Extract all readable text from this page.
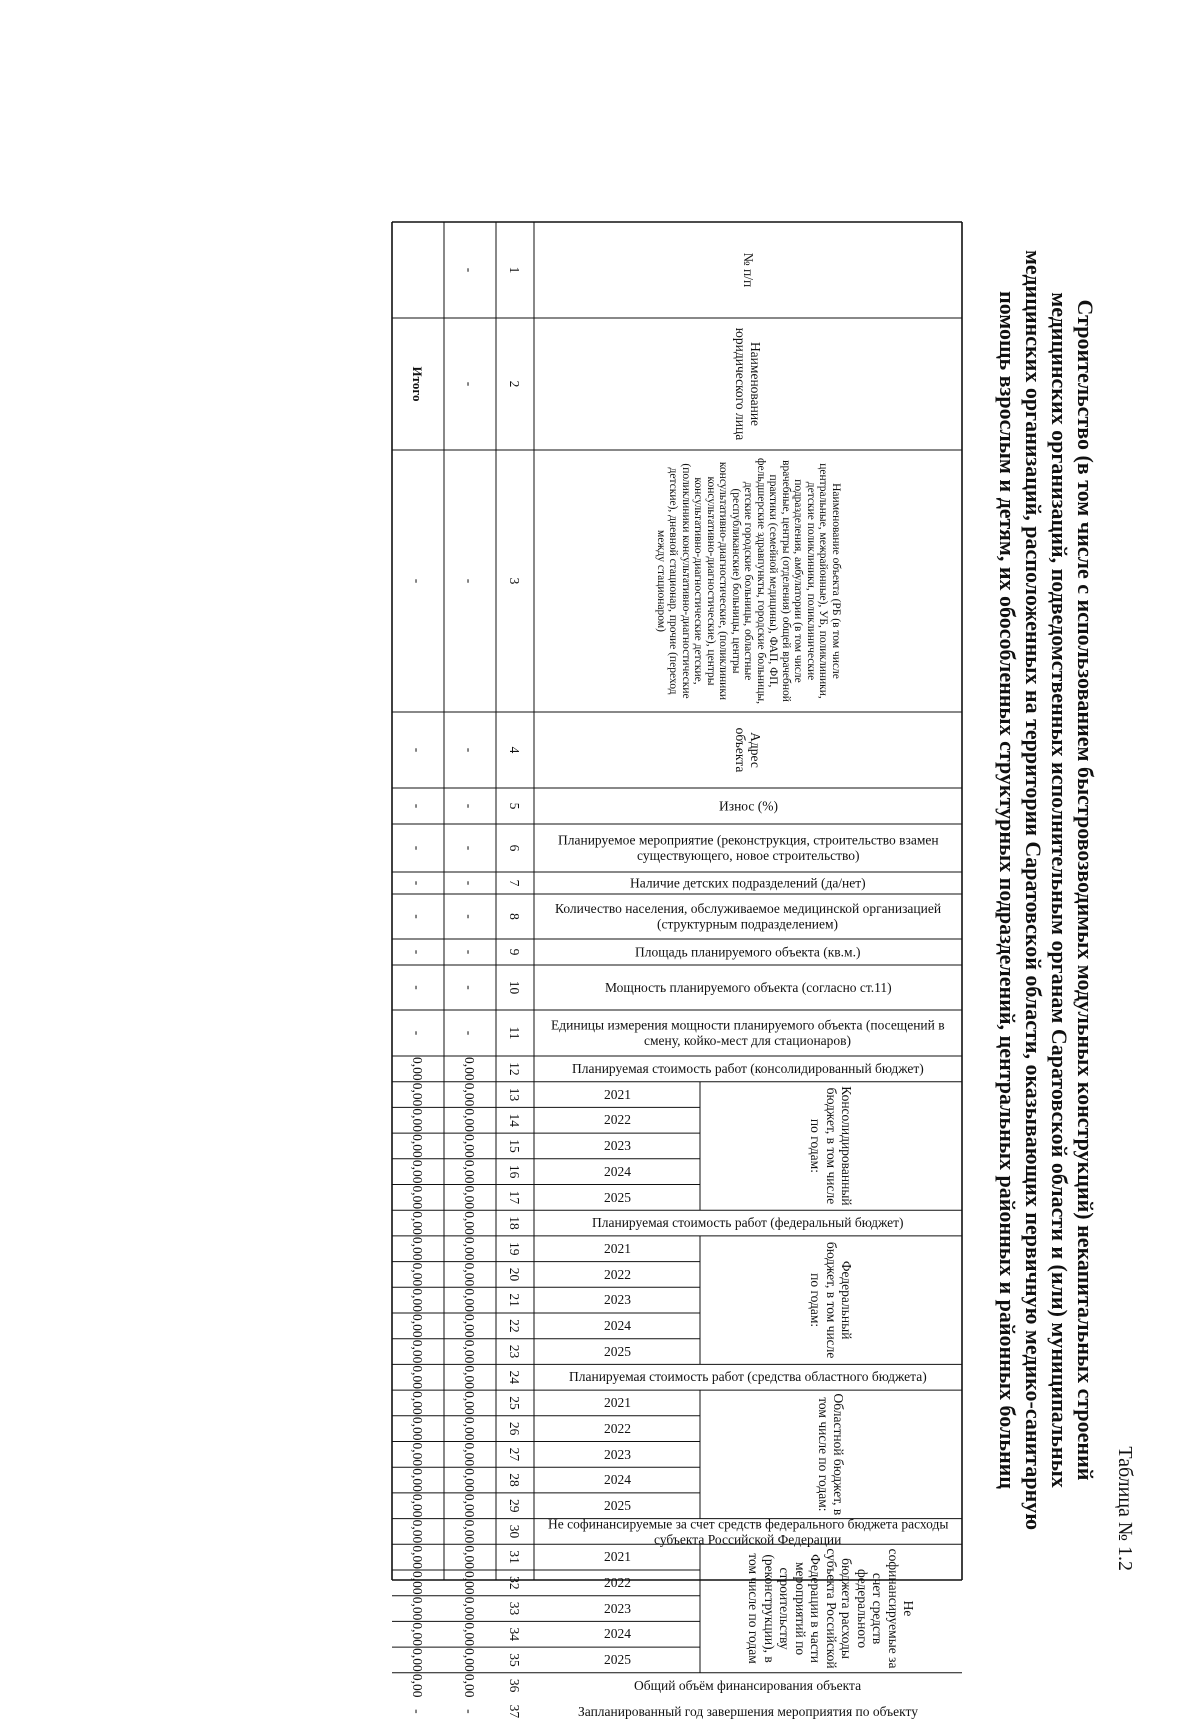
Таблица № 1.2
Строительство (в том числе с использованием быстровозводимых модульных конструкций) некапитальных строений медицинских организаций, подведомственных исполнительным органам Саратовской области и (или) муниципальных медицинских организаций, расположенных на территории Саратовской области, оказывающих первичную медико-санитарную помощь взрослым и детям, их обособленных структурных подразделений, центральных районных и районных больниц
№ п/п
1
-
Наименование юридического лица
2
-
Итого
Наименование объекта (РБ (в том числе центральные, межрайонные), УБ, поликлиники, детские поликлиники, поликлинические подразделения, амбулатории (в том числе врачебные, центры (отделения) общей врачебной практики (семейной медицины), ФАП, ФП, фельдшерские здравпункты, городские больницы, детские городские больницы, областные (республиканские) больницы, центры консультативно-диагностические, (поликлиники консультативно-диагностические), центры консультативно-диагностические детские, (поликлиники консультативно-диагностические детские), дневной стационар, прочие (переход между стационаром)
3
-
-
Адрес объекта
4
-
-
Износ (%)
5
-
-
Планируемое мероприятие (реконструкция, строительство взамен существующего, новое строительство)
6
-
-
Наличие детских подразделений (да/нет)
7
-
-
Количество населения, обслуживаемое медицинской организацией (структурным подразделением)
8
-
-
Площадь планируемого объекта (кв.м.)
9
-
-
Мощность планируемого объекта (согласно ст.11)
10
-
-
Единицы измерения мощности планируемого объекта (посещений в смену, койко-мест для стационаров)
11
-
-
Планируемая стоимость работ (консолидированный бюджет)
12
0,00
0,00
Консолидированный бюджет, в том числе по годам:
2021
13
0,00
0,00
2022
14
0,00
0,00
2023
15
0,00
0,00
2024
16
0,00
0,00
2025
17
0,00
0,00
Планируемая стоимость работ (федеральный бюджет)
18
0,00
0,00
Федеральный бюджет, в том числе по годам:
2021
19
0,00
0,00
2022
20
0,00
0,00
2023
21
0,00
0,00
2024
22
0,00
0,00
2025
23
0,00
0,00
Планируемая стоимость работ (средства областного бюджета)
24
0,00
0,00
Областной бюджет, в том числе по годам:
2021
25
0,00
0,00
2022
26
0,00
0,00
2023
27
0,00
0,00
2024
28
0,00
0,00
2025
29
0,00
0,00
Не софинансируемые за счет средств федерального бюджета расходы субъекта Российской Федерации
30
0,00
0,00
Не софинансируемые за счет средств федерального бюджета расходы субъекта Российской Федерации в части мероприятий по строительству (реконструкции), в том числе по годам
2021
31
0,00
0,00
2022
32
0,00
0,00
2023
33
0,00
0,00
2024
34
0,00
0,00
2025
35
0,00
0,00
Общий объём финансирования объекта
36
0,00
0,00
Запланированный год завершения мероприятия по объекту
37
-
-
